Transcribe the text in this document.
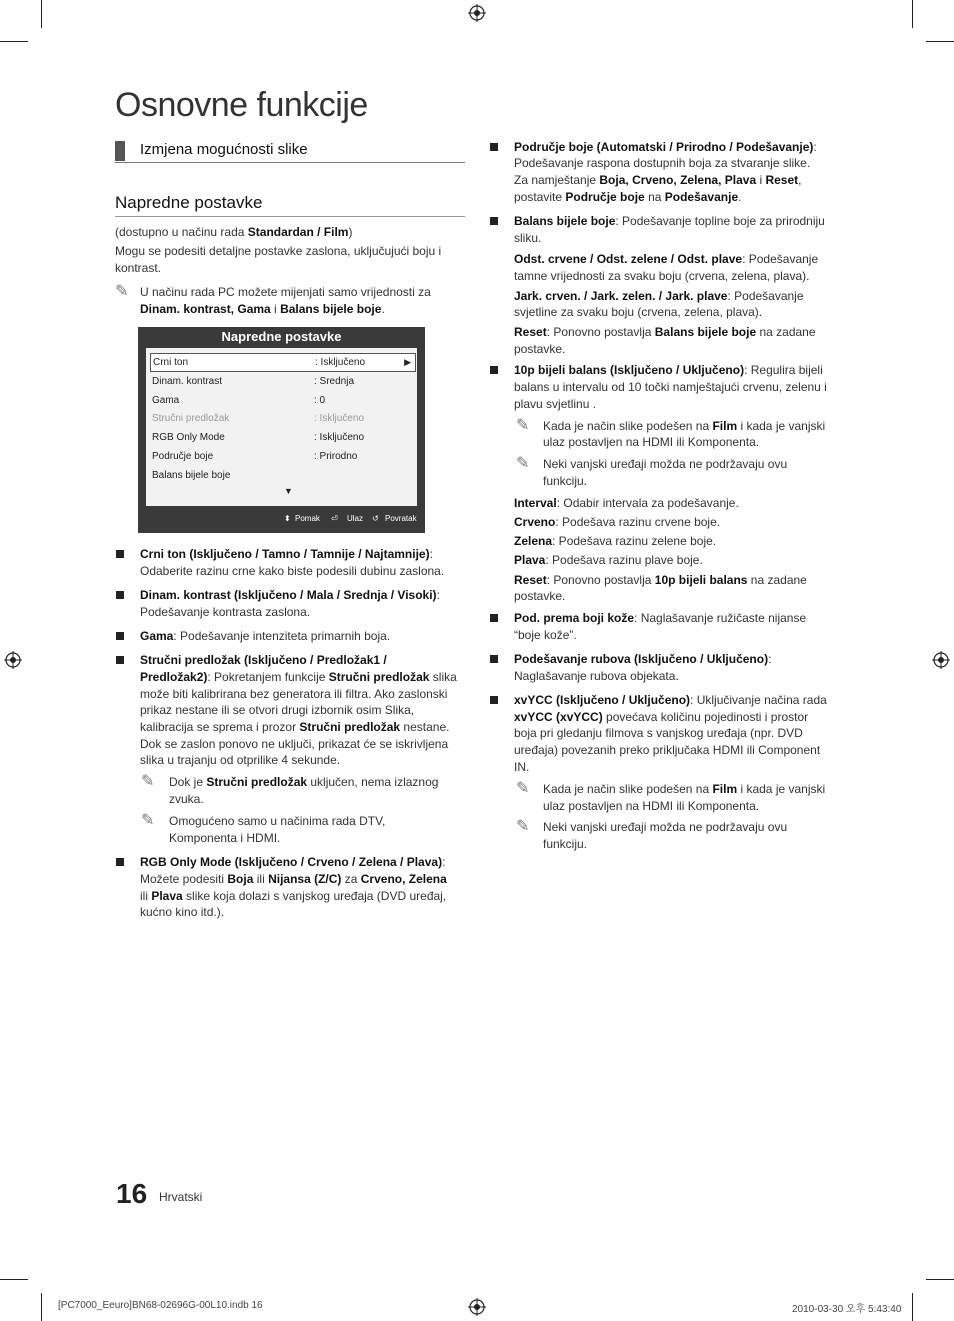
Osnovne funkcije
Izmjena mogućnosti slike
Napredne postavke
(dostupno u načinu rada Standardan / Film)
Mogu se podesiti detaljne postavke zaslona, uključujući boju i kontrast.
✎ U načinu rada PC možete mijenjati samo vrijednosti za
Dinam. kontrast, Gama i Balans bijele boje.
Napredne postavke
Crni ton	: Isključeno	▶
Dinam. kontrast	: Srednja
Gama	: 0
Stručni predložak	: Isključeno
RGB Only Mode	: Isključeno
Područje boje	: Prirodno
Balans bijele boje
▼
⬍ Pomak ⏎ Ulaz ↺ Povratak
Crni ton (Isključeno / Tamno / Tamnije / Najtamnije):
Odaberite razinu crne kako biste podesili dubinu zaslona.
Dinam. kontrast (Isključeno / Mala / Srednja / Visoki):
Podešavanje kontrasta zaslona.
Gama: Podešavanje intenziteta primarnih boja.
Stručni predložak (Isključeno / Predložak1 /
Predložak2): Pokretanjem funkcije Stručni predložak slika
može biti kalibrirana bez generatora ili filtra. Ako zaslonski
prikaz nestane ili se otvori drugi izbornik osim Slika,
kalibracija se sprema i prozor Stručni predložak nestane.
Dok se zaslon ponovo ne uključi, prikazat će se iskrivljena
slika u trajanju od otprilike 4 sekunde.
✎ Dok je Stručni predložak uključen, nema izlaznog
zvuka.
✎ Omogućeno samo u načinima rada DTV,
Komponenta i HDMI.
RGB Only Mode (Isključeno / Crveno / Zelena / Plava):
Možete podesiti Boja ili Nijansa (Z/C) za Crveno, Zelena
ili Plava slike koja dolazi s vanjskog uređaja (DVD uređaj,
kućno kino itd.).
Područje boje (Automatski / Prirodno / Podešavanje):
Podešavanje raspona dostupnih boja za stvaranje slike.
Za namještanje Boja, Crveno, Zelena, Plava i Reset,
postavite Područje boje na Podešavanje.
Balans bijele boje: Podešavanje topline boje za prirodniju
sliku.
Odst. crvene / Odst. zelene / Odst. plave: Podešavanje
tamne vrijednosti za svaku boju (crvena, zelena, plava).
Jark. crven. / Jark. zelen. / Jark. plave: Podešavanje
svjetline za svaku boju (crvena, zelena, plava).
Reset: Ponovno postavlja Balans bijele boje na zadane
postavke.
10p bijeli balans (Isključeno / Uključeno): Regulira bijeli
balans u intervalu od 10 točki namještajući crvenu, zelenu i
plavu svjetlinu .
✎ Kada je način slike podešen na Film i kada je vanjski
ulaz postavljen na HDMI ili Komponenta.
✎ Neki vanjski uređaji možda ne podržavaju ovu
funkciju.
Interval: Odabir intervala za podešavanje.
Crveno: Podešava razinu crvene boje.
Zelena: Podešava razinu zelene boje.
Plava: Podešava razinu plave boje.
Reset: Ponovno postavlja 10p bijeli balans na zadane
postavke.
Pod. prema boji kože: Naglašavanje ružičaste nijanse
“boje kože”.
Podešavanje rubova (Isključeno / Uključeno):
Naglašavanje rubova objekata.
xvYCC (Isključeno / Uključeno): Uključivanje načina rada
xvYCC (xvYCC) povećava količinu pojedinosti i prostor
boja pri gledanju filmova s vanjskog uređaja (npr. DVD
uređaja) povezanih preko priključaka HDMI ili Component
IN.
✎ Kada je način slike podešen na Film i kada je vanjski
ulaz postavljen na HDMI ili Komponenta.
✎ Neki vanjski uređaji možda ne podržavaju ovu
funkciju.
16 Hrvatski
[PC7000_Eeuro]BN68-02696G-00L10.indb 16	2010-03-30 오후 5:43:40
